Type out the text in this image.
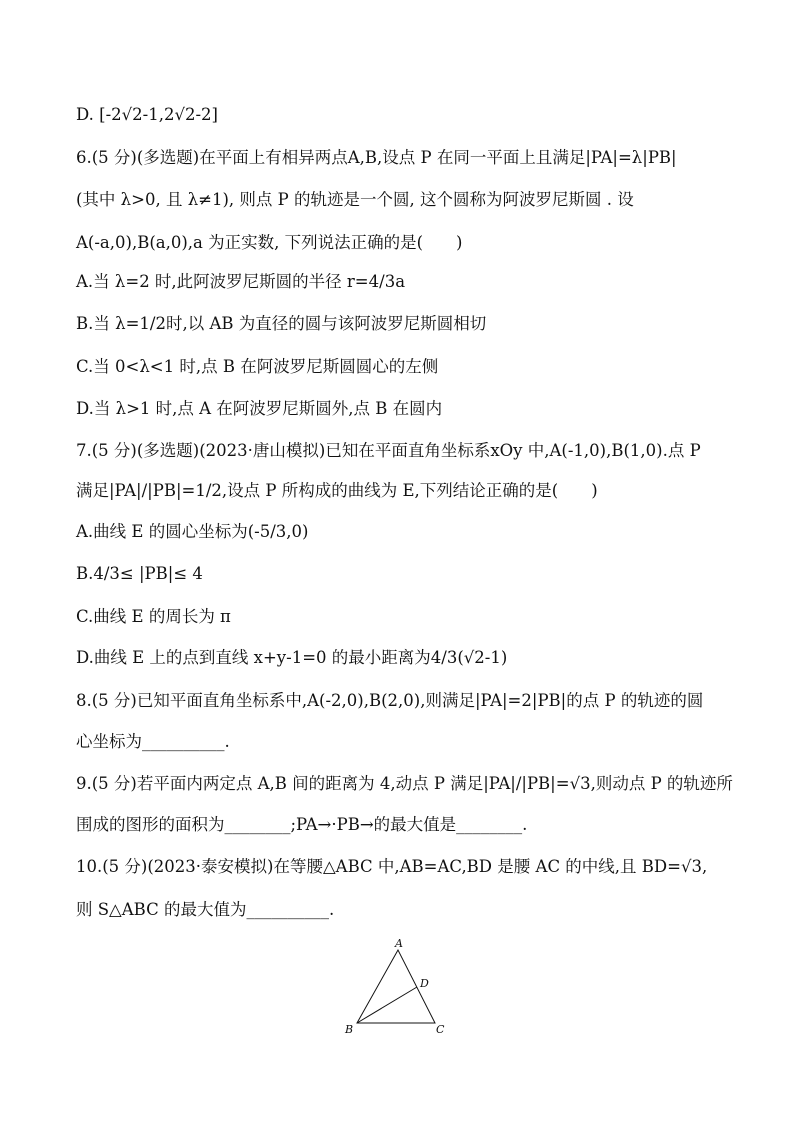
D. [-2√2-1,2√2-2]
6.(5 分)(多选题)在平面上有相异两点A,B,设点 P 在同一平面上且满足|PA|=λ|PB|
(其中 λ>0, 且 λ≠1), 则点 P 的轨迹是一个圆, 这个圆称为阿波罗尼斯圆 . 设
A(-a,0),B(a,0),a 为正实数, 下列说法正确的是(　　)
A.当 λ=2 时,此阿波罗尼斯圆的半径 r=4/3a
B.当 λ=1/2时,以 AB 为直径的圆与该阿波罗尼斯圆相切
C.当 0<λ<1 时,点 B 在阿波罗尼斯圆圆心的左侧
D.当 λ>1 时,点 A 在阿波罗尼斯圆外,点 B 在圆内
7.(5 分)(多选题)(2023·唐山模拟)已知在平面直角坐标系xOy 中,A(-1,0),B(1,0).点 P
满足|PA|/|PB|=1/2,设点 P 所构成的曲线为 E,下列结论正确的是(　　)
A.曲线 E 的圆心坐标为(-5/3,0)
B.4/3≤ |PB|≤ 4
C.曲线 E 的周长为 π
D.曲线 E 上的点到直线 x+y-1=0 的最小距离为4/3(√2-1)
8.(5 分)已知平面直角坐标系中,A(-2,0),B(2,0),则满足|PA|=2|PB|的点 P 的轨迹的圆
心坐标为__________.
9.(5 分)若平面内两定点 A,B 间的距离为 4,动点 P 满足|PA|/|PB|=√3,则动点 P 的轨迹所
围成的图形的面积为________;PA→·PB→的最大值是________.
10.(5 分)(2023·泰安模拟)在等腰△ABC 中,AB=AC,BD 是腰 AC 的中线,且 BD=√3,
则 S△ABC 的最大值为__________.
A
D
B	C
